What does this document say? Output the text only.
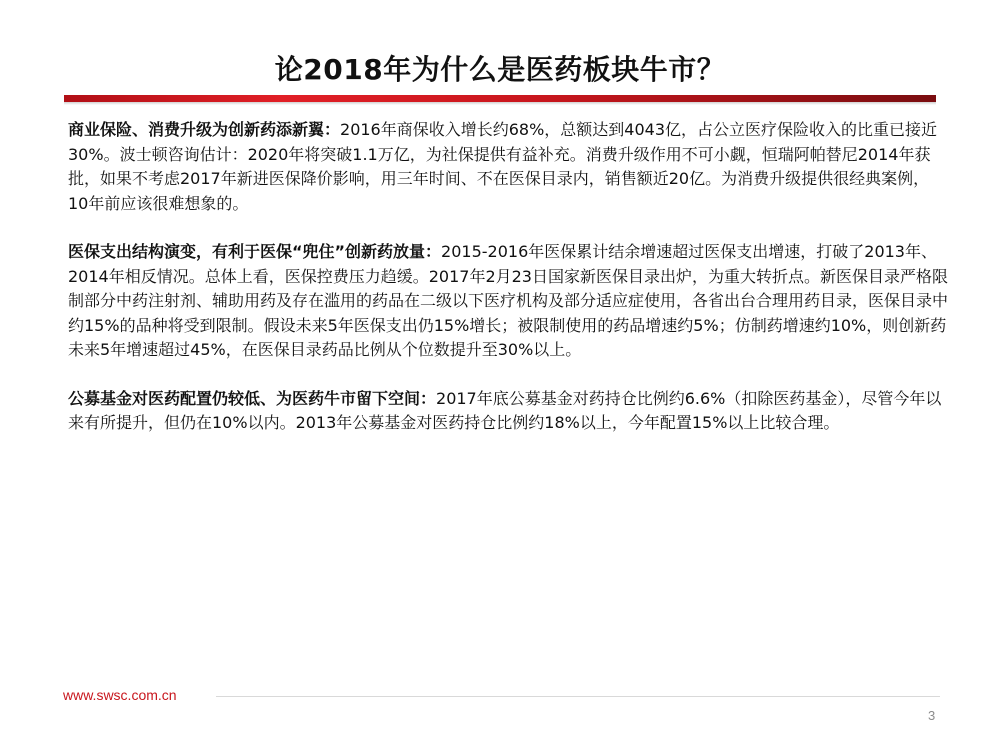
论2018年为什么是医药板块牛市？

商业保险、消费升级为创新药添新翼：2016年商保收入增长约68%，总额达到4043亿，占公立医疗保险收入的比重已接近30%。波士顿咨询估计：2020年将突破1.1万亿，为社保提供有益补充。消费升级作用不可小觑，恒瑞阿帕替尼2014年获批，如果不考虑2017年新进医保降价影响，用三年时间、不在医保目录内，销售额近20亿。为消费升级提供很经典案例，10年前应该很难想象的。

医保支出结构演变，有利于医保“兜住”创新药放量：2015-2016年医保累计结余增速超过医保支出增速，打破了2013年、2014年相反情况。总体上看，医保控费压力趋缓。2017年2月23日国家新医保目录出炉，为重大转折点。新医保目录严格限制部分中药注射剂、辅助用药及存在滥用的药品在二级以下医疗机构及部分适应症使用，各省出台合理用药目录，医保目录中约15%的品种将受到限制。假设未来5年医保支出仍15%增长；被限制使用的药品增速约5%；仿制药增速约10%，则创新药未来5年增速超过45%，在医保目录药品比例从个位数提升至30%以上。

公募基金对医药配置仍较低、为医药牛市留下空间：2017年底公募基金对药持仓比例约6.6%（扣除医药基金），尽管今年以来有所提升，但仍在10%以内。2013年公募基金对医药持仓比例约18%以上，今年配置15%以上比较合理。

www.swsc.com.cn
3
